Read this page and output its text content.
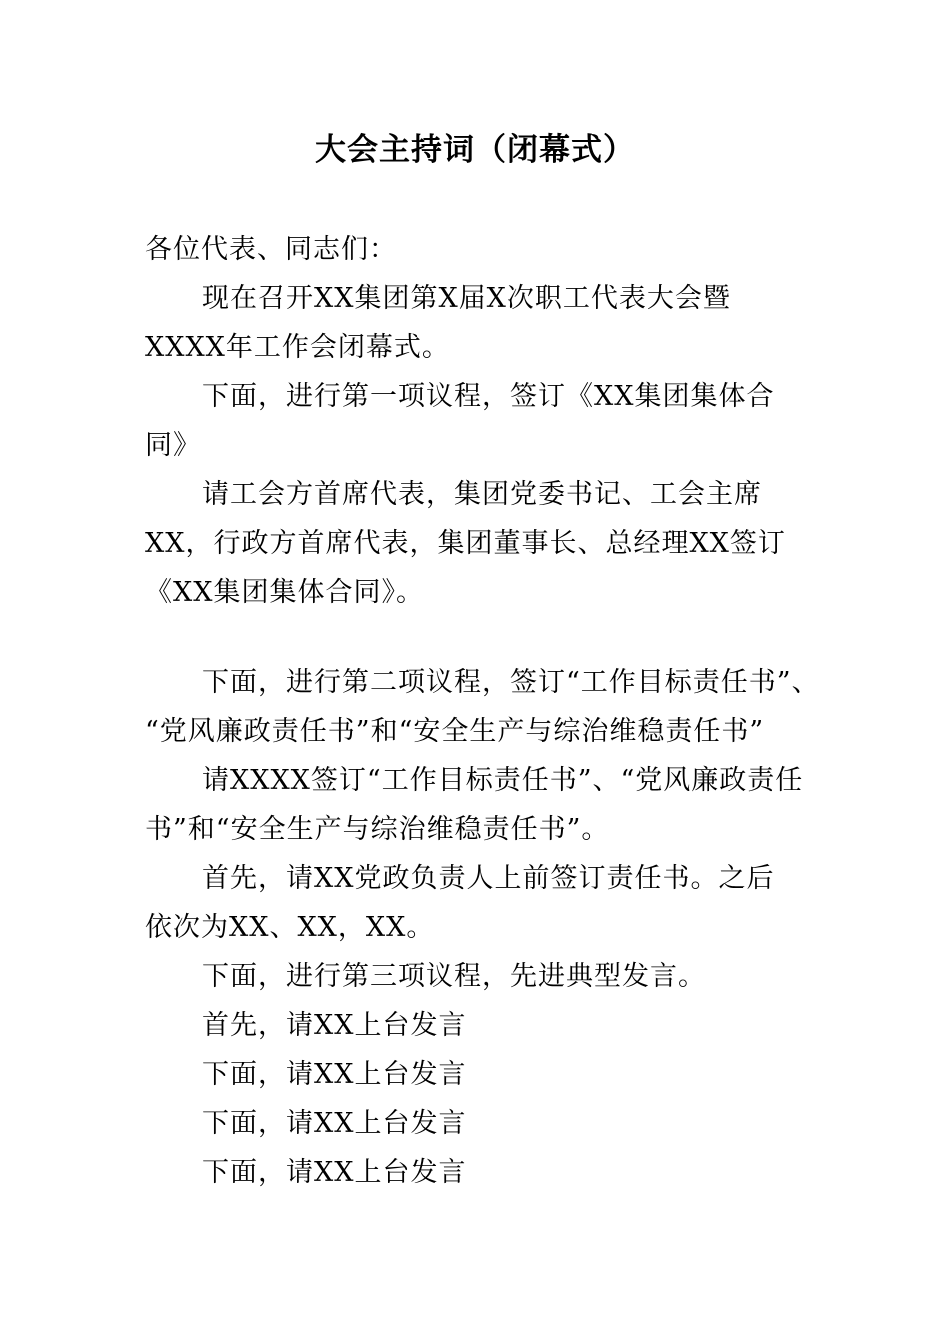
大会主持词（闭幕式）
各位代表、同志们：
现在召开XX集团第X届X次职工代表大会暨
XXXX年工作会闭幕式。
下面，进行第一项议程，签订《XX集团集体合
同》
请工会方首席代表，集团党委书记、工会主席
XX，行政方首席代表，集团董事长、总经理XX签订
《XX集团集体合同》。
下面，进行第二项议程，签订“工作目标责任书”、
“党风廉政责任书”和“安全生产与综治维稳责任书”
请XXXX签订“工作目标责任书”、“党风廉政责任
书”和“安全生产与综治维稳责任书”。
首先，请XX党政负责人上前签订责任书。之后
依次为XX、XX，XX。
下面，进行第三项议程，先进典型发言。
首先，请XX上台发言
下面，请XX上台发言
下面，请XX上台发言
下面，请XX上台发言
